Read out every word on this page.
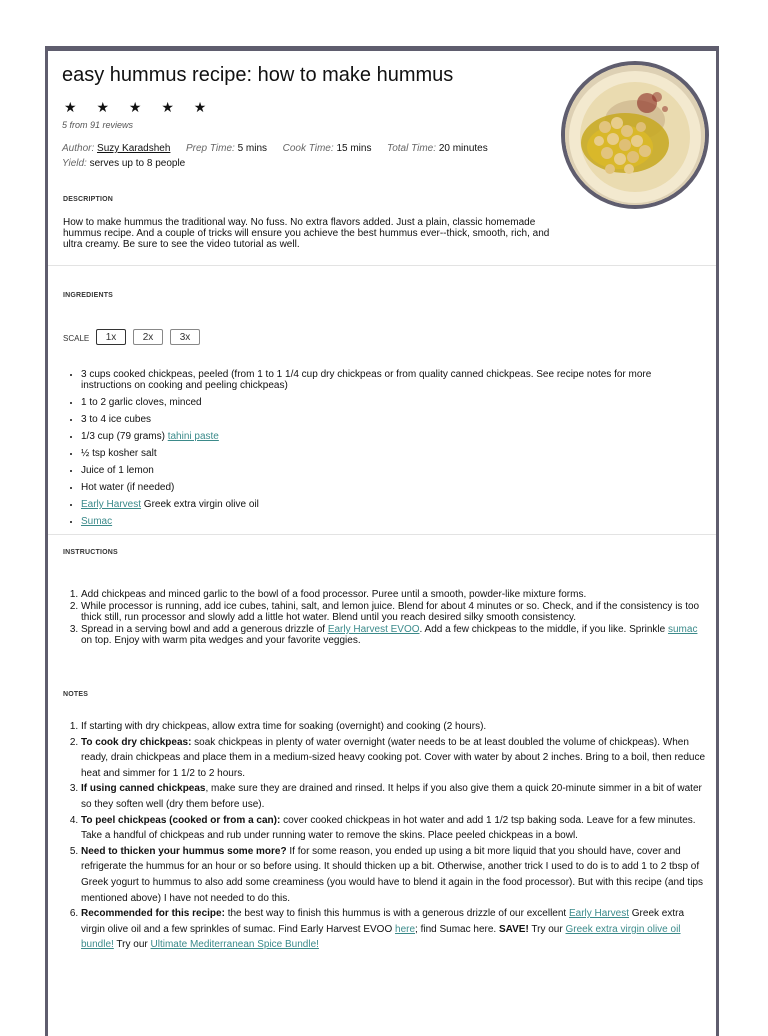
easy hummus recipe: how to make hummus
★ ★ ★ ★ ★
5 from 91 reviews
Author: Suzy Karadsheh Prep Time: 5 mins Cook Time: 15 mins Total Time: 20 minutes
Yield: serves up to 8 people
DESCRIPTION

How to make hummus the traditional way. No fuss. No extra flavors added. Just a plain, classic homemade hummus recipe. And a couple of tricks will ensure you achieve the best hummus ever--thick, smooth, rich, and ultra creamy. Be sure to see the video tutorial as well.

INGREDIENTS
SCALE	1x	2x	3x
• 3 cups cooked chickpeas, peeled (from 1 to 1 1/4 cup dry chickpeas or from quality canned chickpeas. See recipe notes for more instructions on cooking and peeling chickpeas)
• 1 to 2 garlic cloves, minced
• 3 to 4 ice cubes
• 1/3 cup (79 grams) tahini paste
• ½ tsp kosher salt
• Juice of 1 lemon
• Hot water (if needed)
• Early Harvest Greek extra virgin olive oil
• Sumac
INSTRUCTIONS
1. Add chickpeas and minced garlic to the bowl of a food processor. Puree until a smooth, powder-like mixture forms.
2. While processor is running, add ice cubes, tahini, salt, and lemon juice. Blend for about 4 minutes or so. Check, and if the consistency is too thick still, run processor and slowly add a little hot water. Blend until you reach desired silky smooth consistency.
3. Spread in a serving bowl and add a generous drizzle of Early Harvest EVOO. Add a few chickpeas to the middle, if you like. Sprinkle sumac on top. Enjoy with warm pita wedges and your favorite veggies.
NOTES
1. If starting with dry chickpeas, allow extra time for soaking (overnight) and cooking (2 hours).
2. To cook dry chickpeas: soak chickpeas in plenty of water overnight (water needs to be at least doubled the volume of chickpeas). When ready, drain chickpeas and place them in a medium-sized heavy cooking pot. Cover with water by about 2 inches. Bring to a boil, then reduce heat and simmer for 1 1/2 to 2 hours.
3. If using canned chickpeas, make sure they are drained and rinsed. It helps if you also give them a quick 20-minute simmer in a bit of water so they soften well (dry them before use).
4. To peel chickpeas (cooked or from a can): cover cooked chickpeas in hot water and add 1 1/2 tsp baking soda. Leave for a few minutes. Take a handful of chickpeas and rub under running water to remove the skins. Place peeled chickpeas in a bowl.
5. Need to thicken your hummus some more? If for some reason, you ended up using a bit more liquid that you should have, cover and refrigerate the hummus for an hour or so before using. It should thicken up a bit. Otherwise, another trick I used to do is to add 1 to 2 tbsp of Greek yogurt to hummus to also add some creaminess (you would have to blend it again in the food processor). But with this recipe (and tips mentioned above) I have not needed to do this.
6. Recommended for this recipe: the best way to finish this hummus is with a generous drizzle of our excellent Early Harvest Greek extra virgin olive oil and a few sprinkles of sumac. Find Early Harvest EVOO here; find Sumac here. SAVE! Try our Greek extra virgin olive oil bundle! Try our Ultimate Mediterranean Spice Bundle!
